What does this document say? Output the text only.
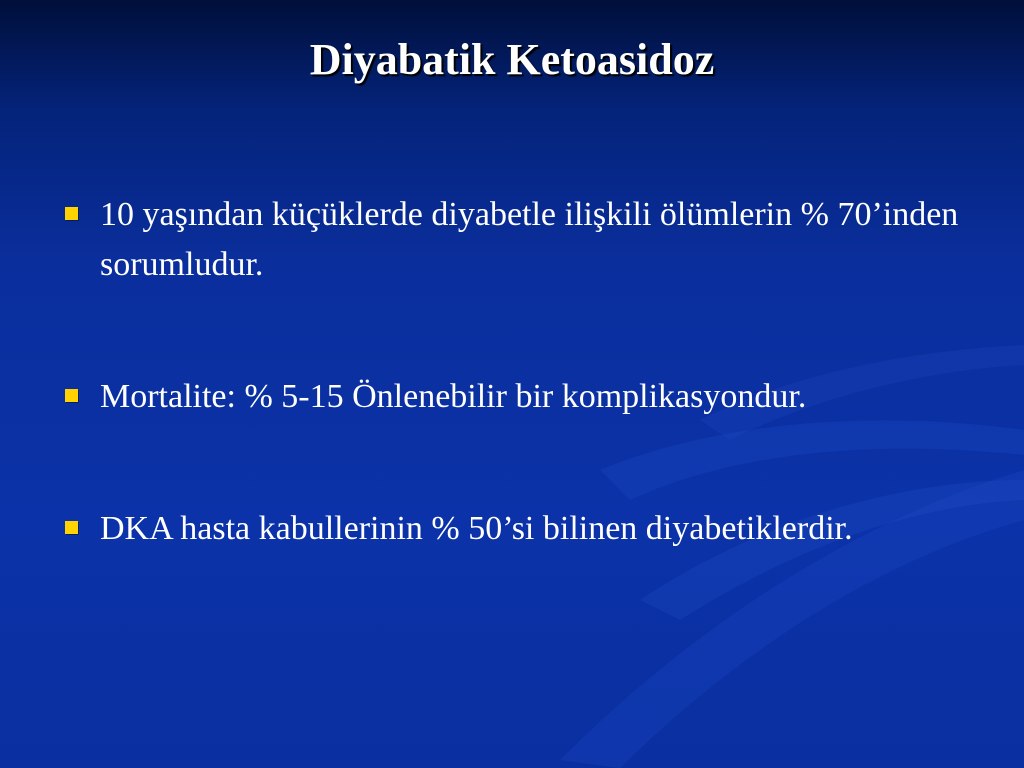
Diyabatik Ketoasidoz
10 yaşından küçüklerde diyabetle ilişkili ölümlerin % 70’inden sorumludur.
Mortalite: % 5-15 Önlenebilir bir komplikasyondur.
DKA hasta kabullerinin % 50’si bilinen diyabetiklerdir.
